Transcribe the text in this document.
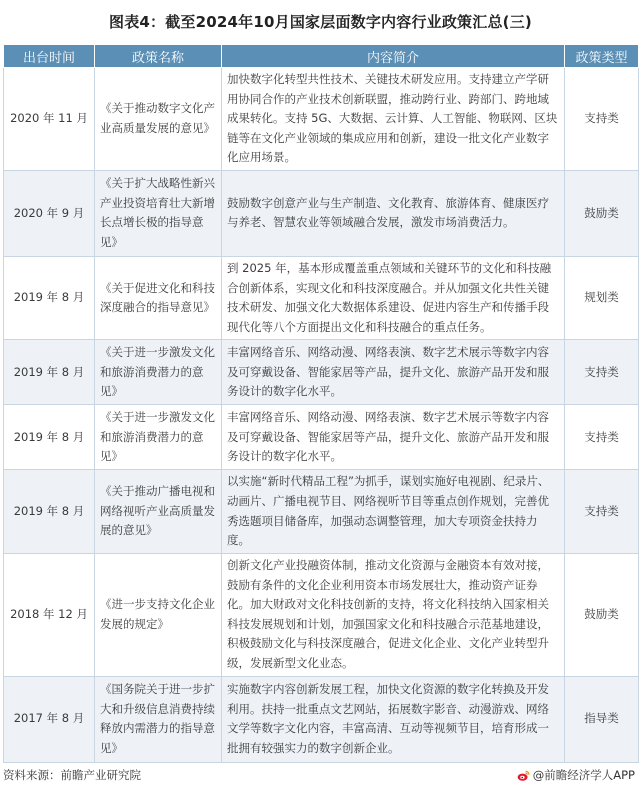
图表4：截至2024年10月国家层面数字内容行业政策汇总(三)
出台时间	政策名称	内容简介	政策类型
2020 年 11 月	《关于推动数字文化产业高质量发展的意见》	加快数字化转型共性技术、关键技术研发应用。支持建立产学研用协同合作的产业技术创新联盟，推动跨行业、跨部门、跨地域成果转化。支持 5G、大数据、云计算、人工智能、物联网、区块链等在文化产业领域的集成应用和创新，建设一批文化产业数字化应用场景。	支持类
2020 年 9 月	《关于扩大战略性新兴产业投资培育壮大新增长点增长极的指导意见》	鼓励数字创意产业与生产制造、文化教育、旅游体育、健康医疗与养老、智慧农业等领域融合发展，激发市场消费活力。	鼓励类
2019 年 8 月	《关于促进文化和科技深度融合的指导意见》	到 2025 年，基本形成覆盖重点领域和关键环节的文化和科技融合创新体系，实现文化和科技深度融合。并从加强文化共性关键技术研发、加强文化大数据体系建设、促进内容生产和传播手段现代化等八个方面提出文化和科技融合的重点任务。	规划类
2019 年 8 月	《关于进一步激发文化和旅游消费潜力的意见》	丰富网络音乐、网络动漫、网络表演、数字艺术展示等数字内容及可穿戴设备、智能家居等产品，提升文化、旅游产品开发和服务设计的数字化水平。	支持类
2019 年 8 月	《关于进一步激发文化和旅游消费潜力的意见》	丰富网络音乐、网络动漫、网络表演、数字艺术展示等数字内容及可穿戴设备、智能家居等产品，提升文化、旅游产品开发和服务设计的数字化水平。	支持类
2019 年 8 月	《关于推动广播电视和网络视听产业高质量发展的意见》	以实施“新时代精品工程”为抓手，谋划实施好电视剧、纪录片、动画片、广播电视节目、网络视听节目等重点创作规划，完善优秀选题项目储备库，加强动态调整管理，加大专项资金扶持力度。	支持类
2018 年 12 月	《进一步支持文化企业发展的规定》	创新文化产业投融资体制，推动文化资源与金融资本有效对接，鼓励有条件的文化企业利用资本市场发展壮大，推动资产证券化。加大财政对文化科技创新的支持，将文化科技纳入国家相关科技发展规划和计划，加强国家文化和科技融合示范基地建设，积极鼓励文化与科技深度融合，促进文化企业、文化产业转型升级，发展新型文化业态。	鼓励类
2017 年 8 月	《国务院关于进一步扩大和升级信息消费持续释放内需潜力的指导意见》	实施数字内容创新发展工程，加快文化资源的数字化转换及开发利用。扶持一批重点文艺网站，拓展数字影音、动漫游戏、网络文学等数字文化内容，丰富高清、互动等视频节目，培育形成一批拥有较强实力的数字创新企业。	指导类
资料来源：前瞻产业研究院	@前瞻经济学人APP
